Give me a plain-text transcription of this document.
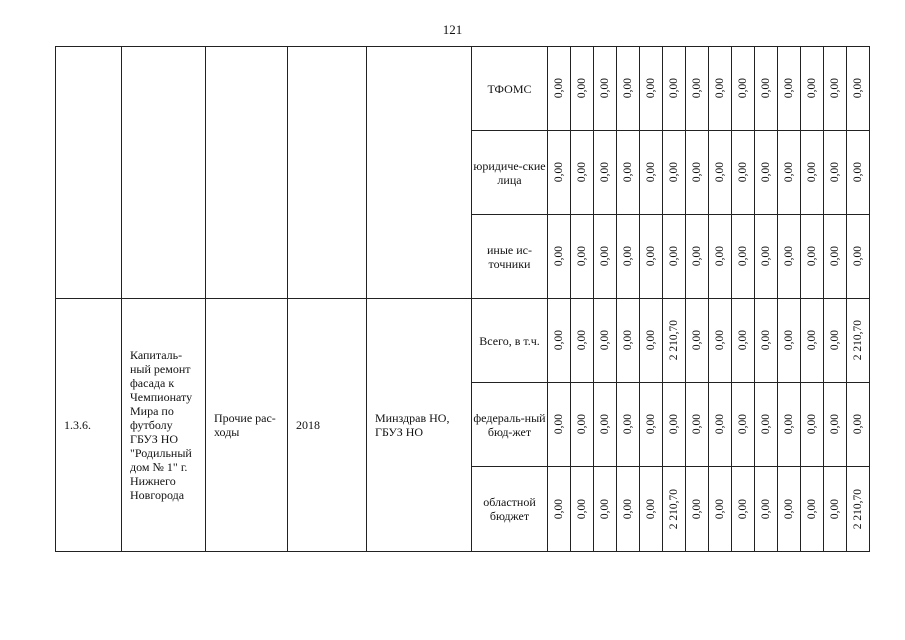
121
					ТФОМС	0,00	0,00	0,00	0,00	0,00	0,00	0,00	0,00	0,00	0,00	0,00	0,00	0,00	0,00

					юридиче-ские лица	0,00	0,00	0,00	0,00	0,00	0,00	0,00	0,00	0,00	0,00	0,00	0,00	0,00	0,00

					иные ис-точники	0,00	0,00	0,00	0,00	0,00	0,00	0,00	0,00	0,00	0,00	0,00	0,00	0,00	0,00

1.3.6.	Капиталь-ный ремонт фасада к Чемпионату Мира по футболу ГБУЗ НО "Родильный дом № 1" г. Нижнего Новгорода	Прочие рас-ходы	2018	Минздрав НО, ГБУЗ НО	Всего, в т.ч.	0,00	0,00	0,00	0,00	0,00	2 210,70	0,00	0,00	0,00	0,00	0,00	0,00	0,00	2 210,70

					федераль-ный бюд-жет	0,00	0,00	0,00	0,00	0,00	0,00	0,00	0,00	0,00	0,00	0,00	0,00	0,00	0,00

					областной бюджет	0,00	0,00	0,00	0,00	0,00	2 210,70	0,00	0,00	0,00	0,00	0,00	0,00	0,00	2 210,70
